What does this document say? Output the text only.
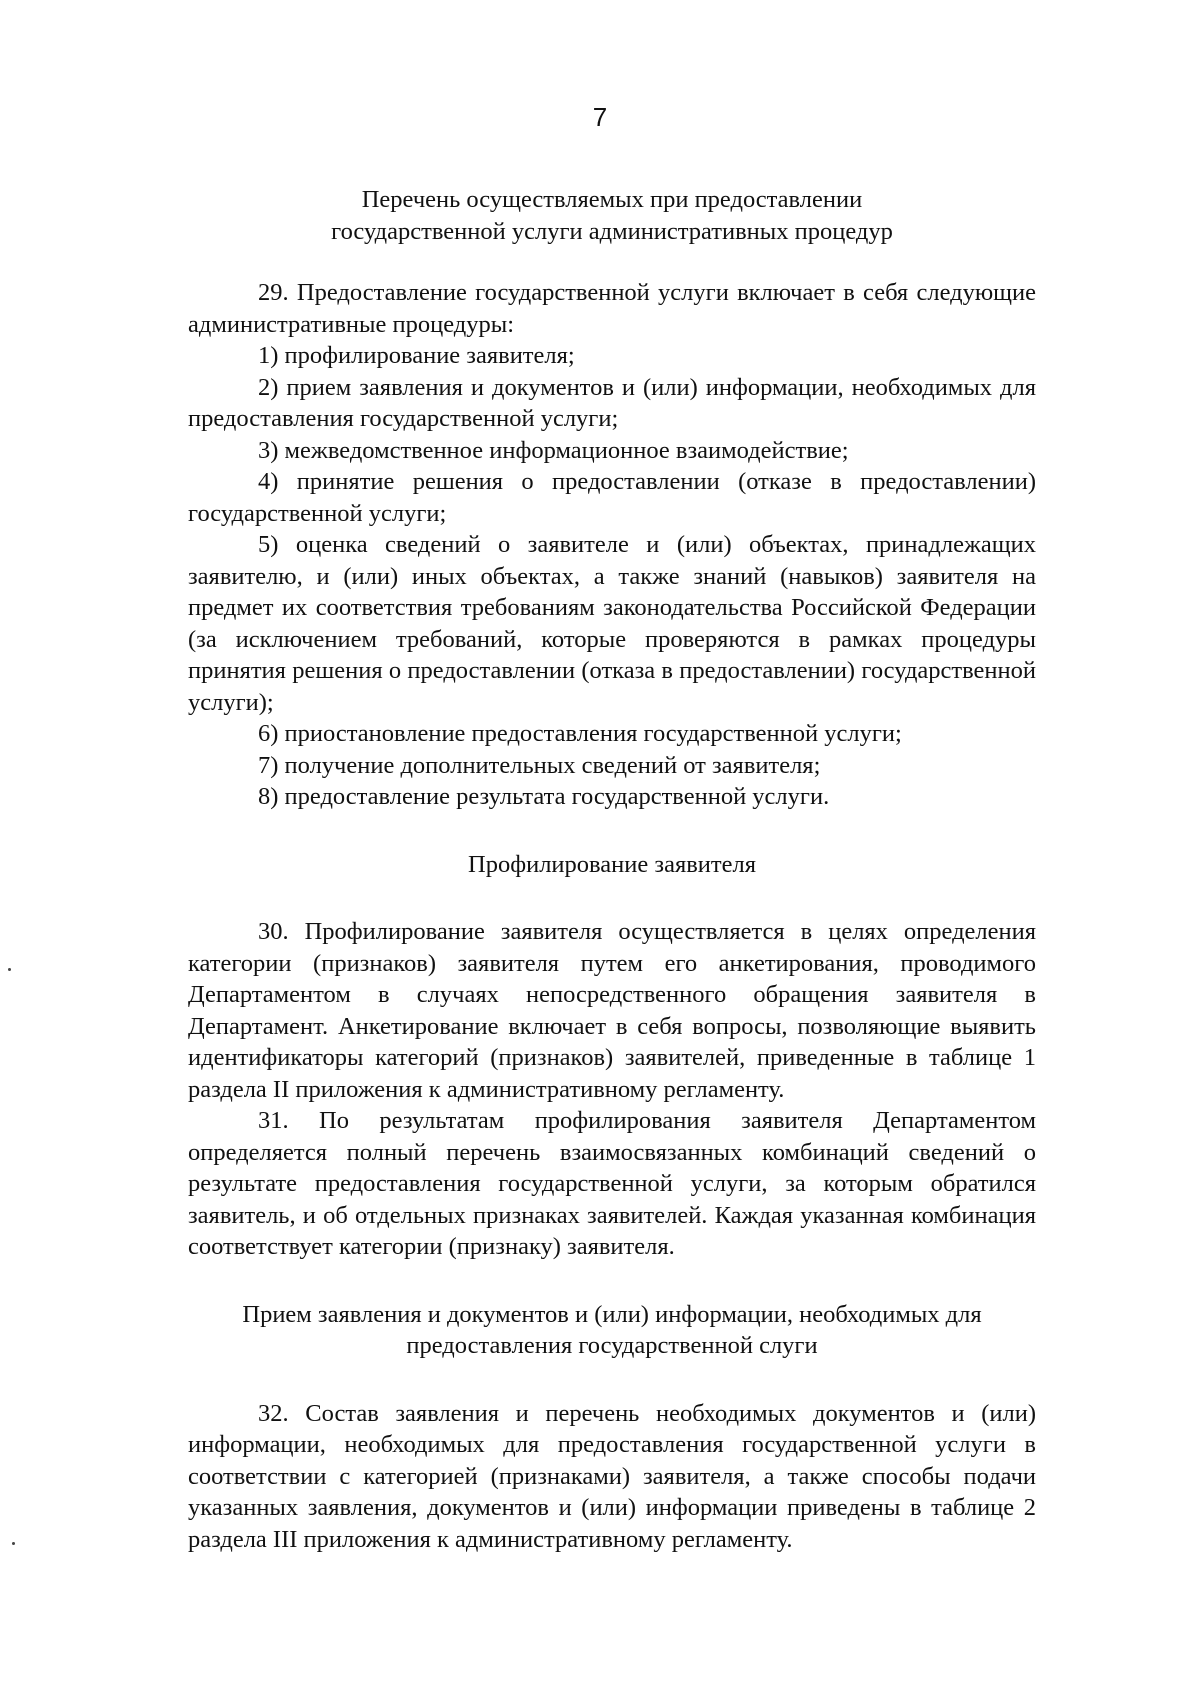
7
Перечень осуществляемых при предоставлении
государственной услуги административных процедур

29. Предоставление государственной услуги включает в себя следующие административные процедуры:

1) профилирование заявителя;

2) прием заявления и документов и (или) информации, необходимых для предоставления государственной услуги;

3) межведомственное информационное взаимодействие;

4) принятие решения о предоставлении (отказе в предоставлении) государственной услуги;

5) оценка сведений о заявителе и (или) объектах, принадлежащих заявителю, и (или) иных объектах, а также знаний (навыков) заявителя на предмет их соответствия требованиям законодательства Российской Федерации (за исключением требований, которые проверяются в рамках процедуры принятия решения о предоставлении (отказа в предоставлении) государственной услуги);

6) приостановление предоставления государственной услуги;

7) получение дополнительных сведений от заявителя;

8) предоставление результата государственной услуги.

Профилирование заявителя

30. Профилирование заявителя осуществляется в целях определения категории (признаков) заявителя путем его анкетирования, проводимого Департаментом в случаях непосредственного обращения заявителя в Департамент. Анкетирование включает в себя вопросы, позволяющие выявить идентификаторы категорий (признаков) заявителей, приведенные в таблице 1 раздела II приложения к административному регламенту.

31. По результатам профилирования заявителя Департаментом определяется полный перечень взаимосвязанных комбинаций сведений о результате предоставления государственной услуги, за которым обратился заявитель, и об отдельных признаках заявителей. Каждая указанная комбинация соответствует категории (признаку) заявителя.

Прием заявления и документов и (или) информации, необходимых для
предоставления государственной слуги

32. Состав заявления и перечень необходимых документов и (или) информации, необходимых для предоставления государственной услуги в соответствии с категорией (признаками) заявителя, а также способы подачи указанных заявления, документов и (или) информации приведены в таблице 2 раздела III приложения к административному регламенту.
